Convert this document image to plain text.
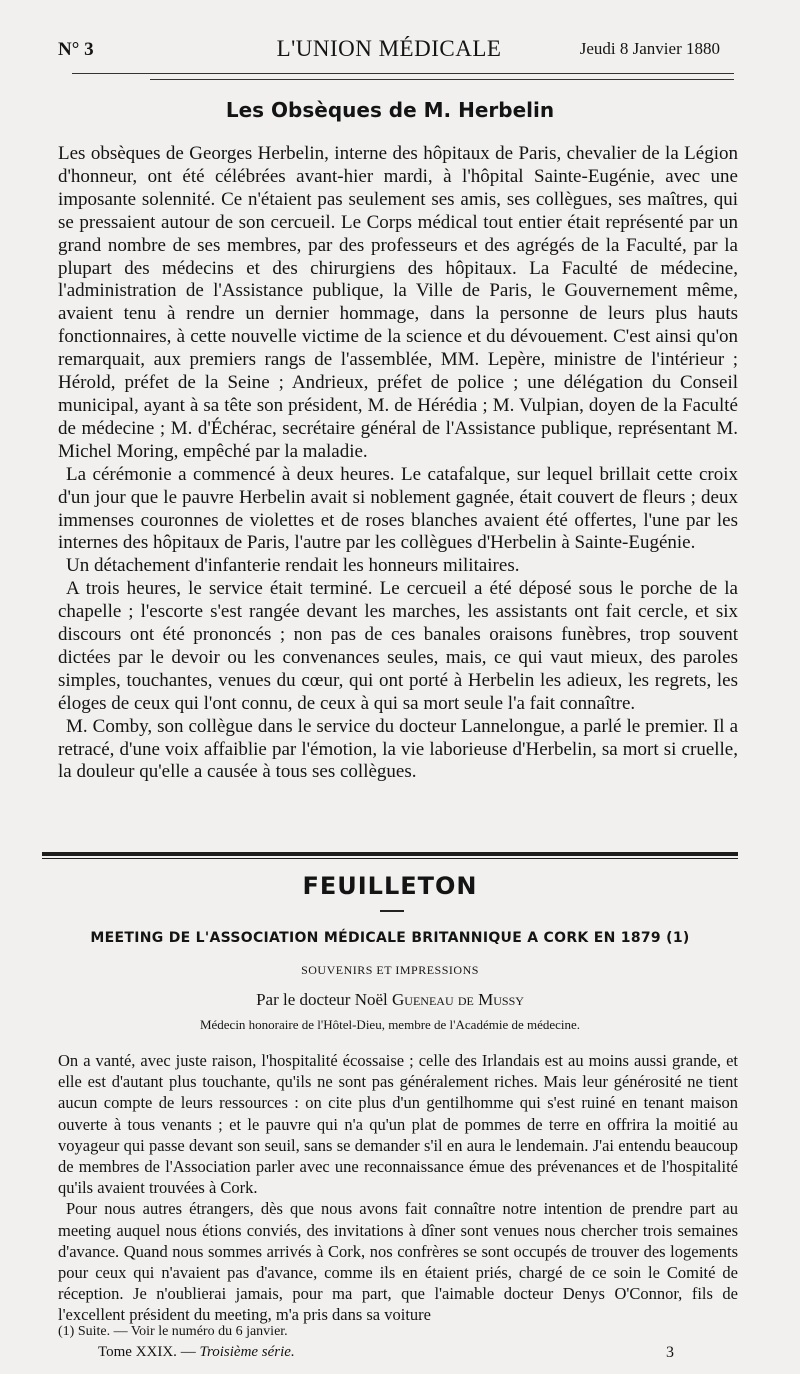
N° 3	L'UNION MÉDICALE	Jeudi 8 Janvier 1880
Les Obsèques de M. Herbelin

Les obsèques de Georges Herbelin, interne des hôpitaux de Paris, chevalier de la Légion d'honneur, ont été célébrées avant-hier mardi, à l'hôpital Sainte-Eugénie, avec une imposante solennité. Ce n'étaient pas seulement ses amis, ses collègues, ses maîtres, qui se pressaient autour de son cercueil. Le Corps médical tout entier était représenté par un grand nombre de ses membres, par des professeurs et des agrégés de la Faculté, par la plupart des médecins et des chirurgiens des hôpitaux. La Faculté de médecine, l'administration de l'Assistance publique, la Ville de Paris, le Gouvernement même, avaient tenu à rendre un dernier hommage, dans la personne de leurs plus hauts fonctionnaires, à cette nouvelle victime de la science et du dévouement. C'est ainsi qu'on remarquait, aux premiers rangs de l'assemblée, MM. Lepère, ministre de l'intérieur ; Hérold, préfet de la Seine ; Andrieux, préfet de police ; une délégation du Conseil municipal, ayant à sa tête son président, M. de Hérédia ; M. Vulpian, doyen de la Faculté de médecine ; M. d'Échérac, secrétaire général de l'Assistance publique, représentant M. Michel Moring, empêché par la maladie.

La cérémonie a commencé à deux heures. Le catafalque, sur lequel brillait cette croix d'un jour que le pauvre Herbelin avait si noblement gagnée, était couvert de fleurs ; deux immenses couronnes de violettes et de roses blanches avaient été offertes, l'une par les internes des hôpitaux de Paris, l'autre par les collègues d'Herbelin à Sainte-Eugénie.

Un détachement d'infanterie rendait les honneurs militaires.

A trois heures, le service était terminé. Le cercueil a été déposé sous le porche de la chapelle ; l'escorte s'est rangée devant les marches, les assistants ont fait cercle, et six discours ont été prononcés ; non pas de ces banales oraisons funèbres, trop souvent dictées par le devoir ou les convenances seules, mais, ce qui vaut mieux, des paroles simples, touchantes, venues du cœur, qui ont porté à Herbelin les adieux, les regrets, les éloges de ceux qui l'ont connu, de ceux à qui sa mort seule l'a fait connaître.

M. Comby, son collègue dans le service du docteur Lannelongue, a parlé le premier. Il a retracé, d'une voix affaiblie par l'émotion, la vie laborieuse d'Herbelin, sa mort si cruelle, la douleur qu'elle a causée à tous ses collègues.

FEUILLETON
MEETING DE L'ASSOCIATION MÉDICALE BRITANNIQUE A CORK EN 1879 (1)
SOUVENIRS ET IMPRESSIONS
Par le docteur Noël Gueneau de Mussy
Médecin honoraire de l'Hôtel-Dieu, membre de l'Académie de médecine.

On a vanté, avec juste raison, l'hospitalité écossaise ; celle des Irlandais est au moins aussi grande, et elle est d'autant plus touchante, qu'ils ne sont pas généralement riches. Mais leur générosité ne tient aucun compte de leurs ressources : on cite plus d'un gentilhomme qui s'est ruiné en tenant maison ouverte à tous venants ; et le pauvre qui n'a qu'un plat de pommes de terre en offrira la moitié au voyageur qui passe devant son seuil, sans se demander s'il en aura le lendemain. J'ai entendu beaucoup de membres de l'Association parler avec une reconnaissance émue des prévenances et de l'hospitalité qu'ils avaient trouvées à Cork.

Pour nous autres étrangers, dès que nous avons fait connaître notre intention de prendre part au meeting auquel nous étions conviés, des invitations à dîner sont venues nous chercher trois semaines d'avance. Quand nous sommes arrivés à Cork, nos confrères se sont occupés de trouver des logements pour ceux qui n'avaient pas d'avance, comme ils en étaient priés, chargé de ce soin le Comité de réception. Je n'oublierai jamais, pour ma part, que l'aimable docteur Denys O'Connor, fils de l'excellent président du meeting, m'a pris dans sa voiture

(1) Suite. — Voir le numéro du 6 janvier.
Tome XXIX. — Troisième série.	3
